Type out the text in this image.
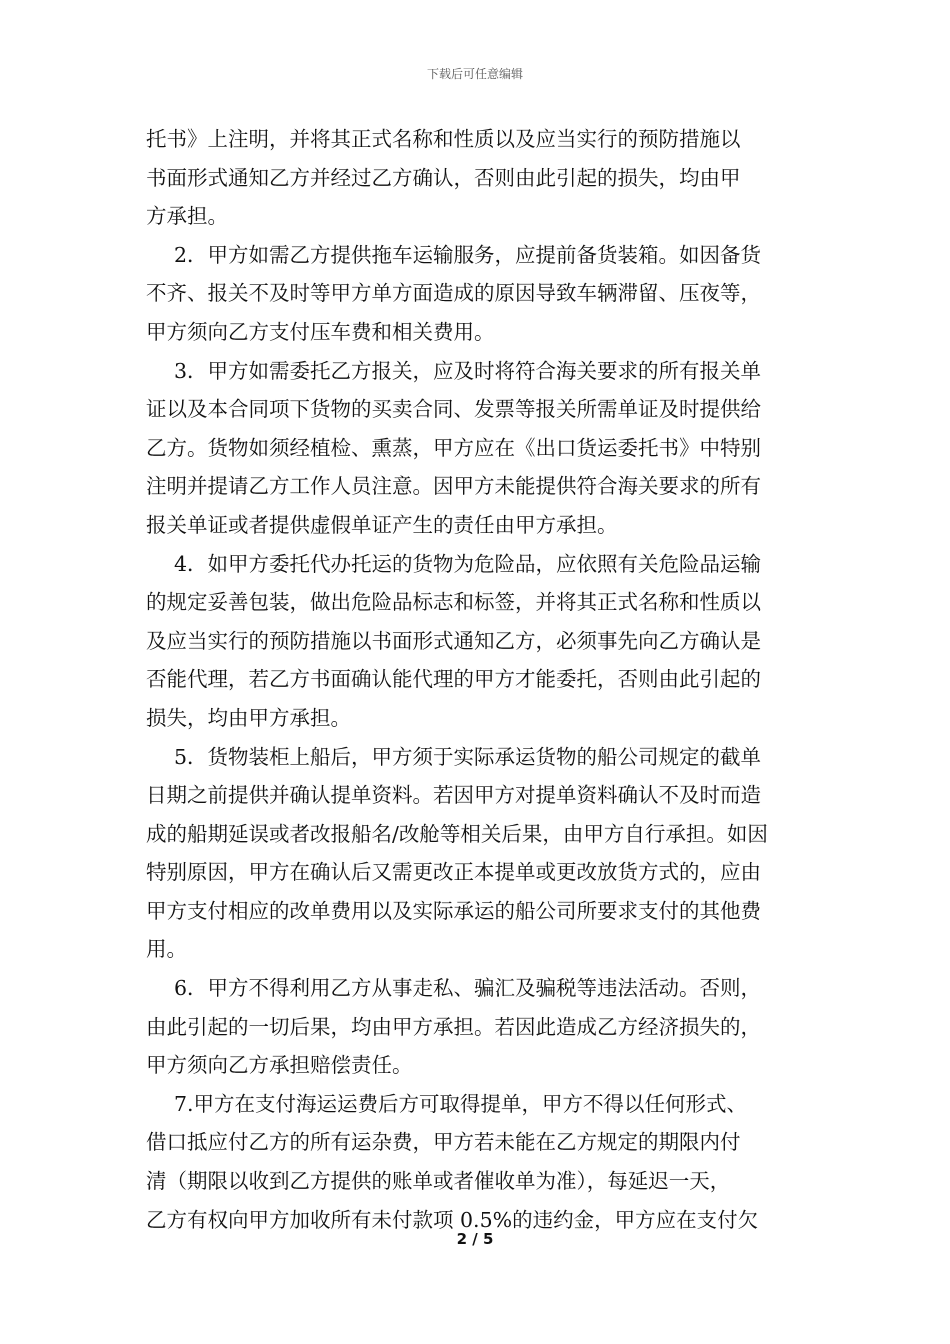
下载后可任意编辑

托书》上注明，并将其正式名称和性质以及应当实行的预防措施以
书面形式通知乙方并经过乙方确认，否则由此引起的损失，均由甲
方承担。

2．甲方如需乙方提供拖车运输服务，应提前备货装箱。如因备货
不齐、报关不及时等甲方单方面造成的原因导致车辆滞留、压夜等，
甲方须向乙方支付压车费和相关费用。

3．甲方如需委托乙方报关，应及时将符合海关要求的所有报关单
证以及本合同项下货物的买卖合同、发票等报关所需单证及时提供给
乙方。货物如须经植检、熏蒸，甲方应在《出口货运委托书》中特别
注明并提请乙方工作人员注意。因甲方未能提供符合海关要求的所有
报关单证或者提供虚假单证产生的责任由甲方承担。

4．如甲方委托代办托运的货物为危险品，应依照有关危险品运输
的规定妥善包装，做出危险品标志和标签，并将其正式名称和性质以
及应当实行的预防措施以书面形式通知乙方，必须事先向乙方确认是
否能代理，若乙方书面确认能代理的甲方才能委托，否则由此引起的
损失，均由甲方承担。

5．货物装柜上船后，甲方须于实际承运货物的船公司规定的截单
日期之前提供并确认提单资料。若因甲方对提单资料确认不及时而造
成的船期延误或者改报船名/改舱等相关后果，由甲方自行承担。如因
特别原因，甲方在确认后又需更改正本提单或更改放货方式的，应由
甲方支付相应的改单费用以及实际承运的船公司所要求支付的其他费
用。

6．甲方不得利用乙方从事走私、骗汇及骗税等违法活动。否则，
由此引起的一切后果，均由甲方承担。若因此造成乙方经济损失的，
甲方须向乙方承担赔偿责任。

7.甲方在支付海运运费后方可取得提单，甲方不得以任何形式、
借口抵应付乙方的所有运杂费，甲方若未能在乙方规定的期限内付
清（期限以收到乙方提供的账单或者催收单为准），每延迟一天，
乙方有权向甲方加收所有未付款项 0.5%的违约金，甲方应在支付欠

2 / 5
